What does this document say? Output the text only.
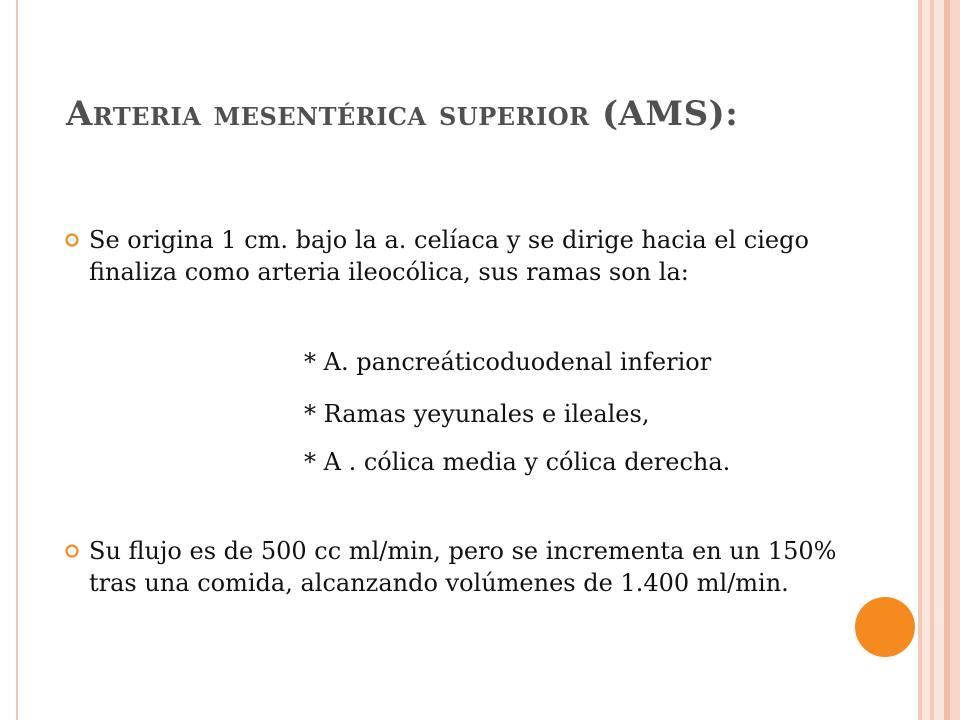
Arteria mesentérica superior (AMS):
Se origina 1 cm. bajo la a. celíaca y se dirige hacia el ciego finaliza como arteria ileocólica, sus ramas son la:
* A. pancreáticoduodenal inferior
* Ramas yeyunales e ileales,
* A . cólica media y cólica derecha.
Su flujo es de 500 cc ml/min, pero se incrementa en un 150% tras una comida, alcanzando volúmenes de 1.400 ml/min.
